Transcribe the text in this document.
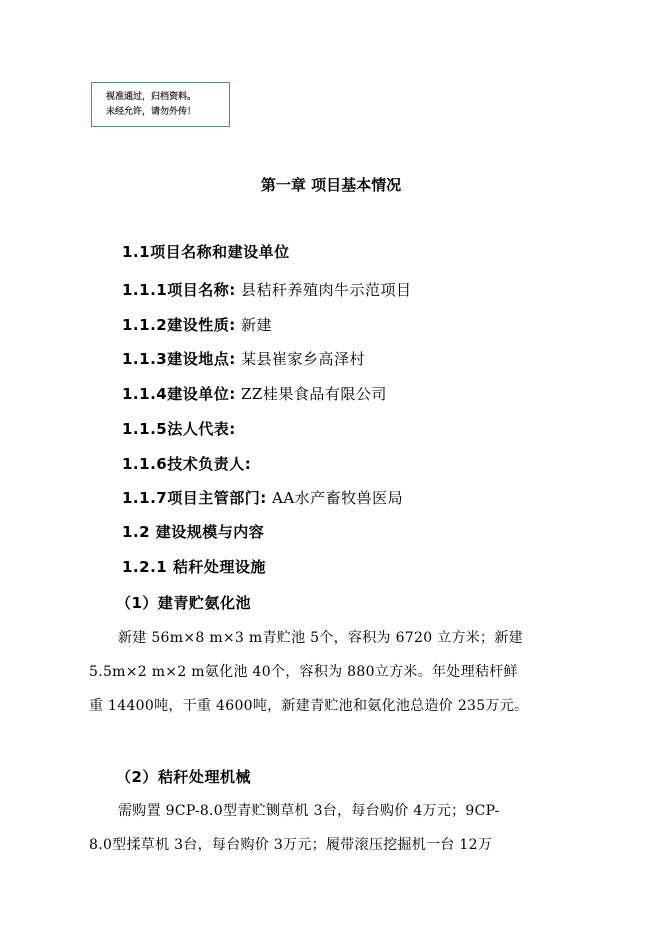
视准通过，归档资料。
未经允许，请勿外传！
第一章 项目基本情况
1.1项目名称和建设单位
1.1.1项目名称: 县秸秆养殖肉牛示范项目
1.1.2建设性质: 新建
1.1.3建设地点: 某县崔家乡高泽村
1.1.4建设单位: ZZ桂果食品有限公司
1.1.5法人代表:
1.1.6技术负责人:
1.1.7项目主管部门: AA水产畜牧兽医局
1.2 建设规模与内容
1.2.1 秸秆处理设施
（1）建青贮氨化池
新建 56m×8 m×3 m青贮池 5个，容积为 6720 立方米；新建
5.5m×2 m×2 m氨化池 40个，容积为 880立方米。年处理秸杆鲜
重 14400吨，干重 4600吨，新建青贮池和氨化池总造价 235万元。
（2）秸秆处理机械
需购置 9CP-8.0型青贮铡草机 3台，每台购价 4万元；9CP-
8.0型揉草机 3台，每台购价 3万元；履带滚压挖掘机一台 12万
